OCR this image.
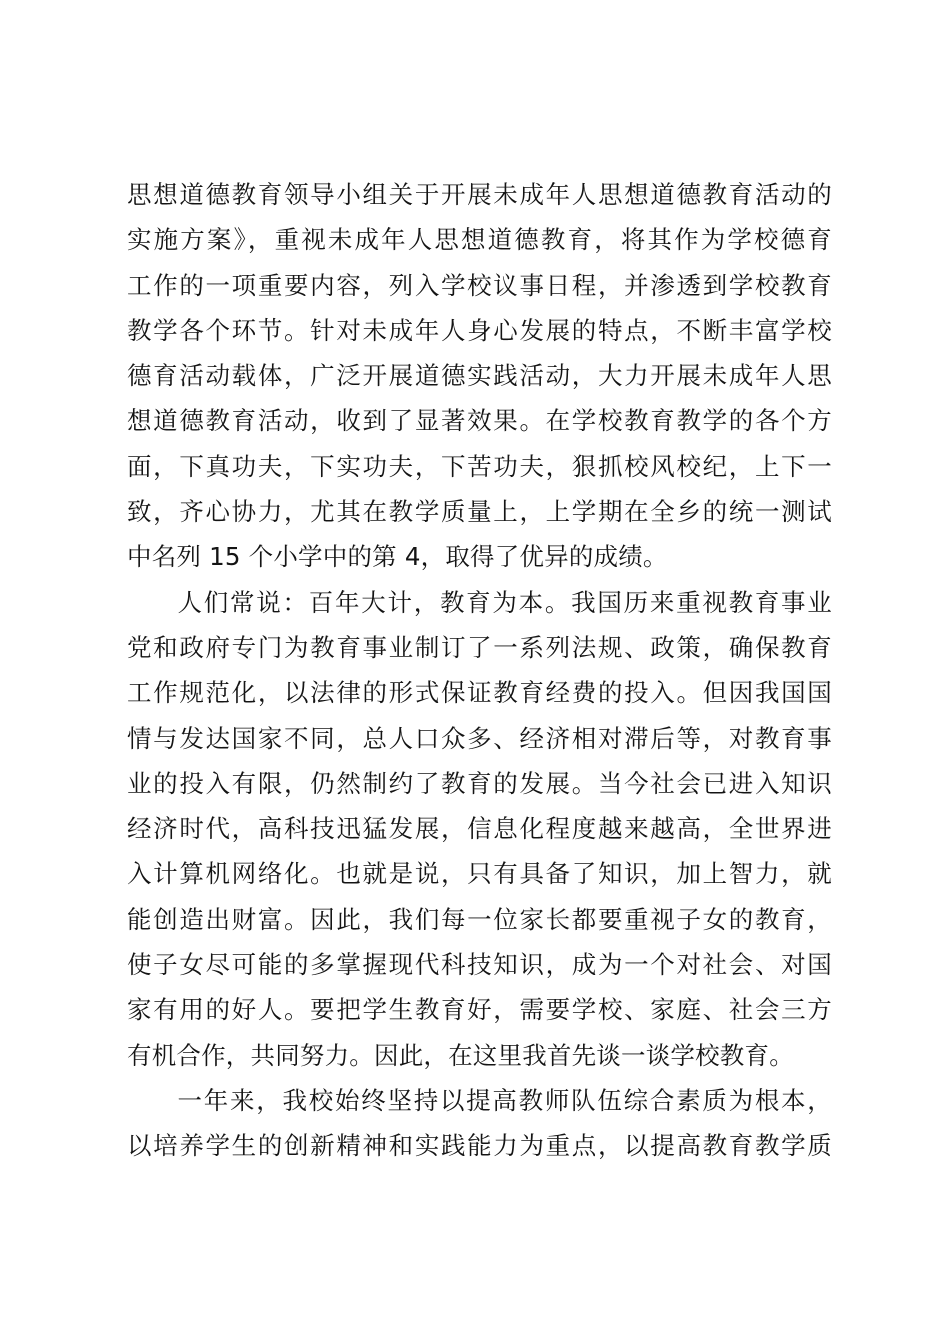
思想道德教育领导小组关于开展未成年人思想道德教育活动的
实施方案》，重视未成年人思想道德教育，将其作为学校德育
工作的一项重要内容，列入学校议事日程，并渗透到学校教育
教学各个环节。针对未成年人身心发展的特点，不断丰富学校
德育活动载体，广泛开展道德实践活动，大力开展未成年人思
想道德教育活动，收到了显著效果。在学校教育教学的各个方
面，下真功夫，下实功夫，下苦功夫，狠抓校风校纪，上下一
致，齐心协力，尤其在教学质量上，上学期在全乡的统一测试
中名列 15 个小学中的第 4，取得了优异的成绩。
人们常说：百年大计，教育为本。我国历来重视教育事业
党和政府专门为教育事业制订了一系列法规、政策，确保教育
工作规范化，以法律的形式保证教育经费的投入。但因我国国
情与发达国家不同，总人口众多、经济相对滞后等，对教育事
业的投入有限，仍然制约了教育的发展。当今社会已进入知识
经济时代，高科技迅猛发展，信息化程度越来越高，全世界进
入计算机网络化。也就是说，只有具备了知识，加上智力，就
能创造出财富。因此，我们每一位家长都要重视子女的教育，
使子女尽可能的多掌握现代科技知识，成为一个对社会、对国
家有用的好人。要把学生教育好，需要学校、家庭、社会三方
有机合作，共同努力。因此，在这里我首先谈一谈学校教育。
一年来，我校始终坚持以提高教师队伍综合素质为根本，
以培养学生的创新精神和实践能力为重点，以提高教育教学质
